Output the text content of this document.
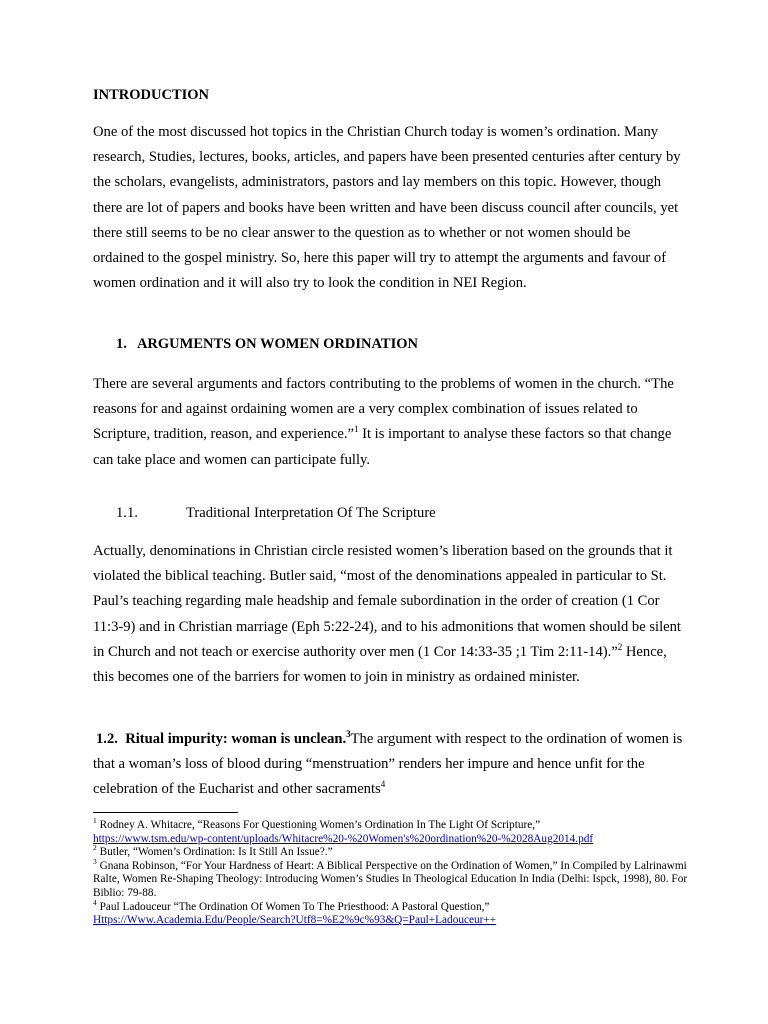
INTRODUCTION

One of the most discussed hot topics in the Christian Church today is women’s ordination. Many research, Studies, lectures, books, articles, and papers have been presented centuries after century by the scholars, evangelists, administrators, pastors and lay members on this topic. However, though there are lot of papers and books have been written and have been discuss council after councils, yet there still seems to be no clear answer to the question as to whether or not women should be ordained to the gospel ministry. So, here this paper will try to attempt the arguments and favour of women ordination and it will also try to look the condition in NEI Region.

1. ARGUMENTS ON WOMEN ORDINATION

There are several arguments and factors contributing to the problems of women in the church. “The reasons for and against ordaining women are a very complex combination of issues related to Scripture, tradition, reason, and experience.”$^1$ It is important to analyse these factors so that change can take place and women can participate fully.

1.1.	Traditional Interpretation Of The Scripture

Actually, denominations in Christian circle resisted women’s liberation based on the grounds that it violated the biblical teaching. Butler said, “most of the denominations appealed in particular to St. Paul’s teaching regarding male headship and female subordination in the order of creation (1 Cor 11:3-9) and in Christian marriage (Eph 5:22-24), and to his admonitions that women should be silent in Church and not teach or exercise authority over men (1 Cor 14:33-35 ;1 Tim 2:11-14).”$^2$ Hence, this becomes one of the barriers for women to join in ministry as ordained minister.

1.2. Ritual impurity: woman is unclean.$^3$The argument with respect to the ordination of women is that a woman’s loss of blood during “menstruation” renders her impure and hence unfit for the celebration of the Eucharist and other sacraments$^4$

$^1$ Rodney A. Whitacre, “Reasons For Questioning Women’s Ordination In The Light Of Scripture,”
https://www.tsm.edu/wp-content/uploads/Whitacre%20-%20Women's%20ordination%20-%2028Aug2014.pdf

$^2$ Butler, “Women’s Ordination: Is It Still An Issue?.”

$^3$ Gnana Robinson, “For Your Hardness of Heart: A Biblical Perspective on the Ordination of Women,” In Compiled by Lalrinawmi Ralte, Women Re-Shaping Theology: Introducing Women’s Studies In Theological Education In India (Delhi: Ispck, 1998), 80. For Biblio: 79-88.

$^4$ Paul Ladouceur “The Ordination Of Women To The Priesthood: A Pastoral Question,”
Https://Www.Academia.Edu/People/Search?Utf8=%E2%9c%93&Q=Paul+Ladouceur++
